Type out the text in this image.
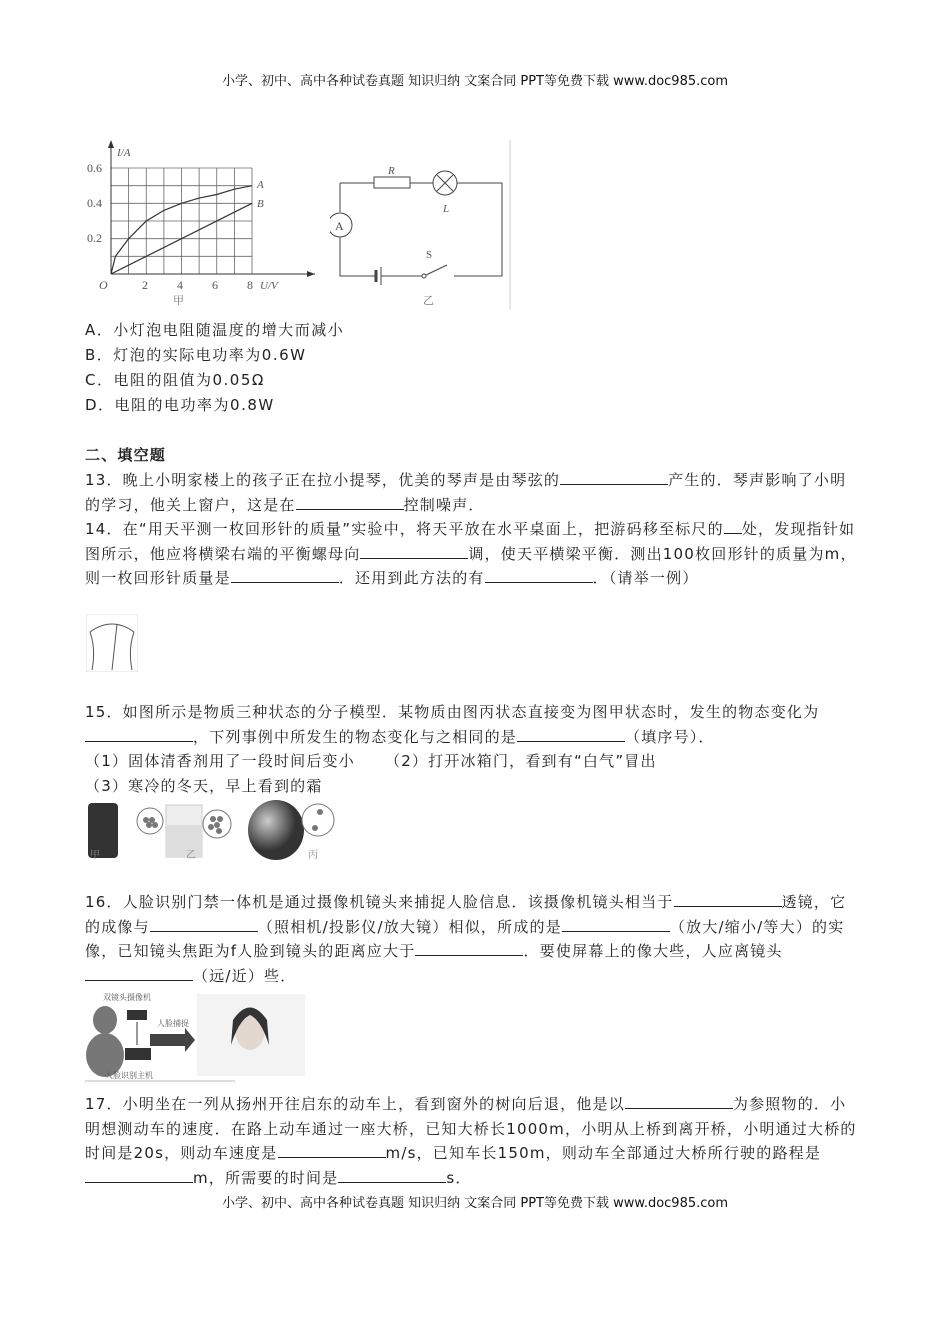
小学、初中、高中各种试卷真题 知识归纳 文案合同 PPT等免费下载 www.doc985.com
I/A
U/V
O
0.2
0.4
0.6
2 4 6 8
A
B
甲
A
R
L
S
乙
A．小灯泡电阻随温度的增大而减小
B．灯泡的实际电功率为0.6W
C．电阻的阻值为0.05Ω
D．电阻的电功率为0.8W
二、填空题
13．晚上小明家楼上的孩子正在拉小提琴，优美的琴声是由琴弦的	产生的．琴声影响了小明的学习，他关上窗户，这是在	控制噪声．
14．在“用天平测一枚回形针的质量”实验中，将天平放在水平桌面上，把游码移至标尺的 处，发现指针如图所示，他应将横梁右端的平衡螺母向	调，使天平横梁平衡．测出100枚回形针的质量为m，则一枚回形针质量是	．还用到此方法的有	．（请举一例）
15．如图所示是物质三种状态的分子模型．某物质由图丙状态直接变为图甲状态时，发生的物态变化为，下列事例中所发生的物态变化与之相同的是	（填序号）．
（1）固体清香剂用了一段时间后变小 （2）打开冰箱门，看到有“白气”冒出
（3）寒冷的冬天，早上看到的霜
甲	乙	丙
16．人脸识别门禁一体机是通过摄像机镜头来捕捉人脸信息．该摄像机镜头相当于	透镜，它的成像与	（照相机/投影仪/放大镜）相似，所成的是	（放大/缩小/等大）的实像，已知镜头焦距为f人脸到镜头的距离应大于	．要使屏幕上的像大些，人应离镜头（远/近）些．
双镜头摄像机
人脸捕捉
人脸识别主机
17．小明坐在一列从扬州开往启东的动车上，看到窗外的树向后退，他是以	为参照物的．小明想测动车的速度．在路上动车通过一座大桥，已知大桥长1000m，小明从上桥到离开桥，小明通过大桥的时间是20s，则动车速度是	m/s，已知车长150m，则动车全部通过大桥所行驶的路程是m，所需要的时间是	s．
小学、初中、高中各种试卷真题 知识归纳 文案合同 PPT等免费下载 www.doc985.com
